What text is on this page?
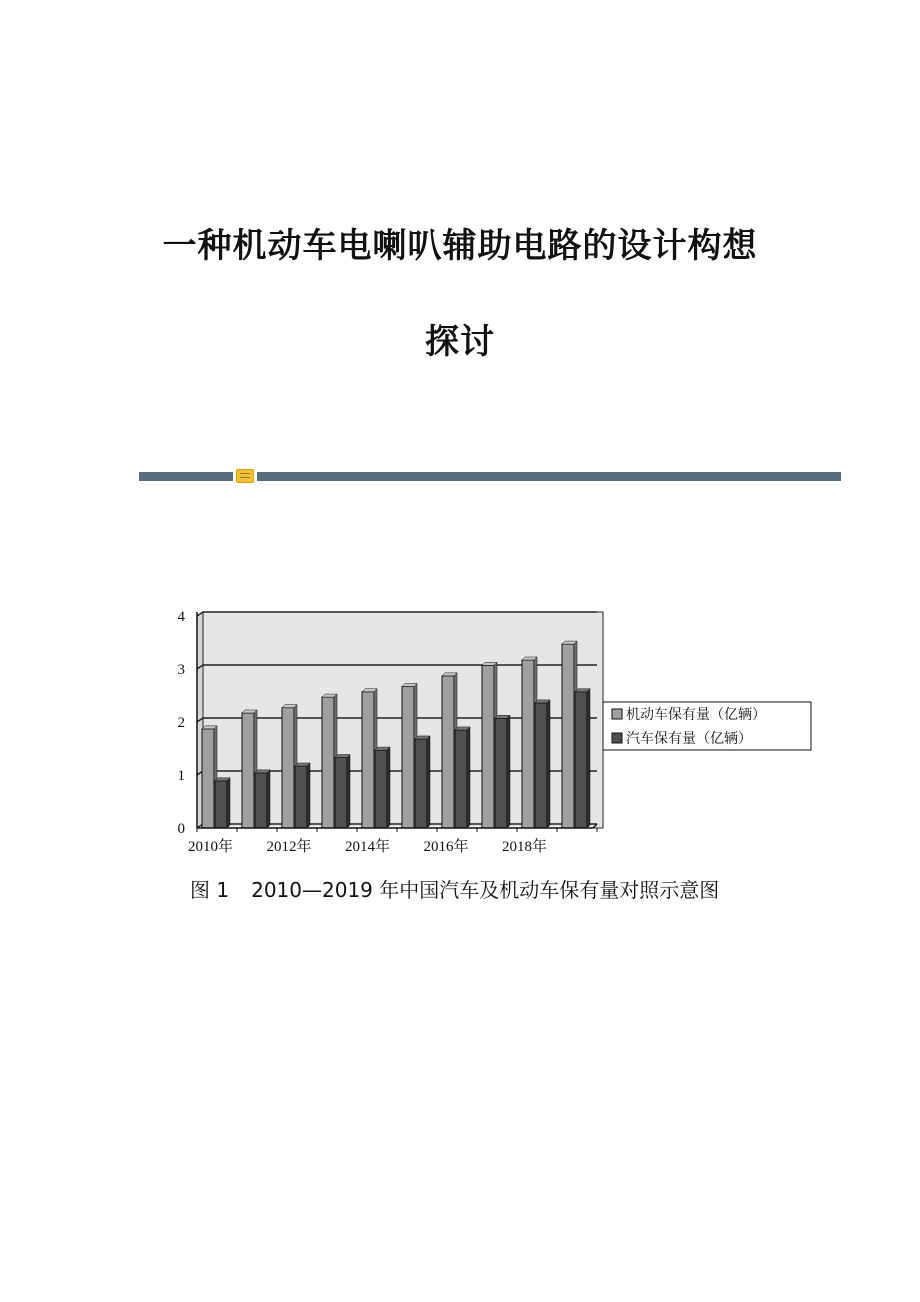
一种机动车电喇叭辅助电路的设计构想
探讨
0
1
2
3
4
2010年 2012年 2014年 2016年 2018年
机动车保有量（亿辆）
汽车保有量（亿辆）
图 1 2010—2019 年中国汽车及机动车保有量对照示意图
